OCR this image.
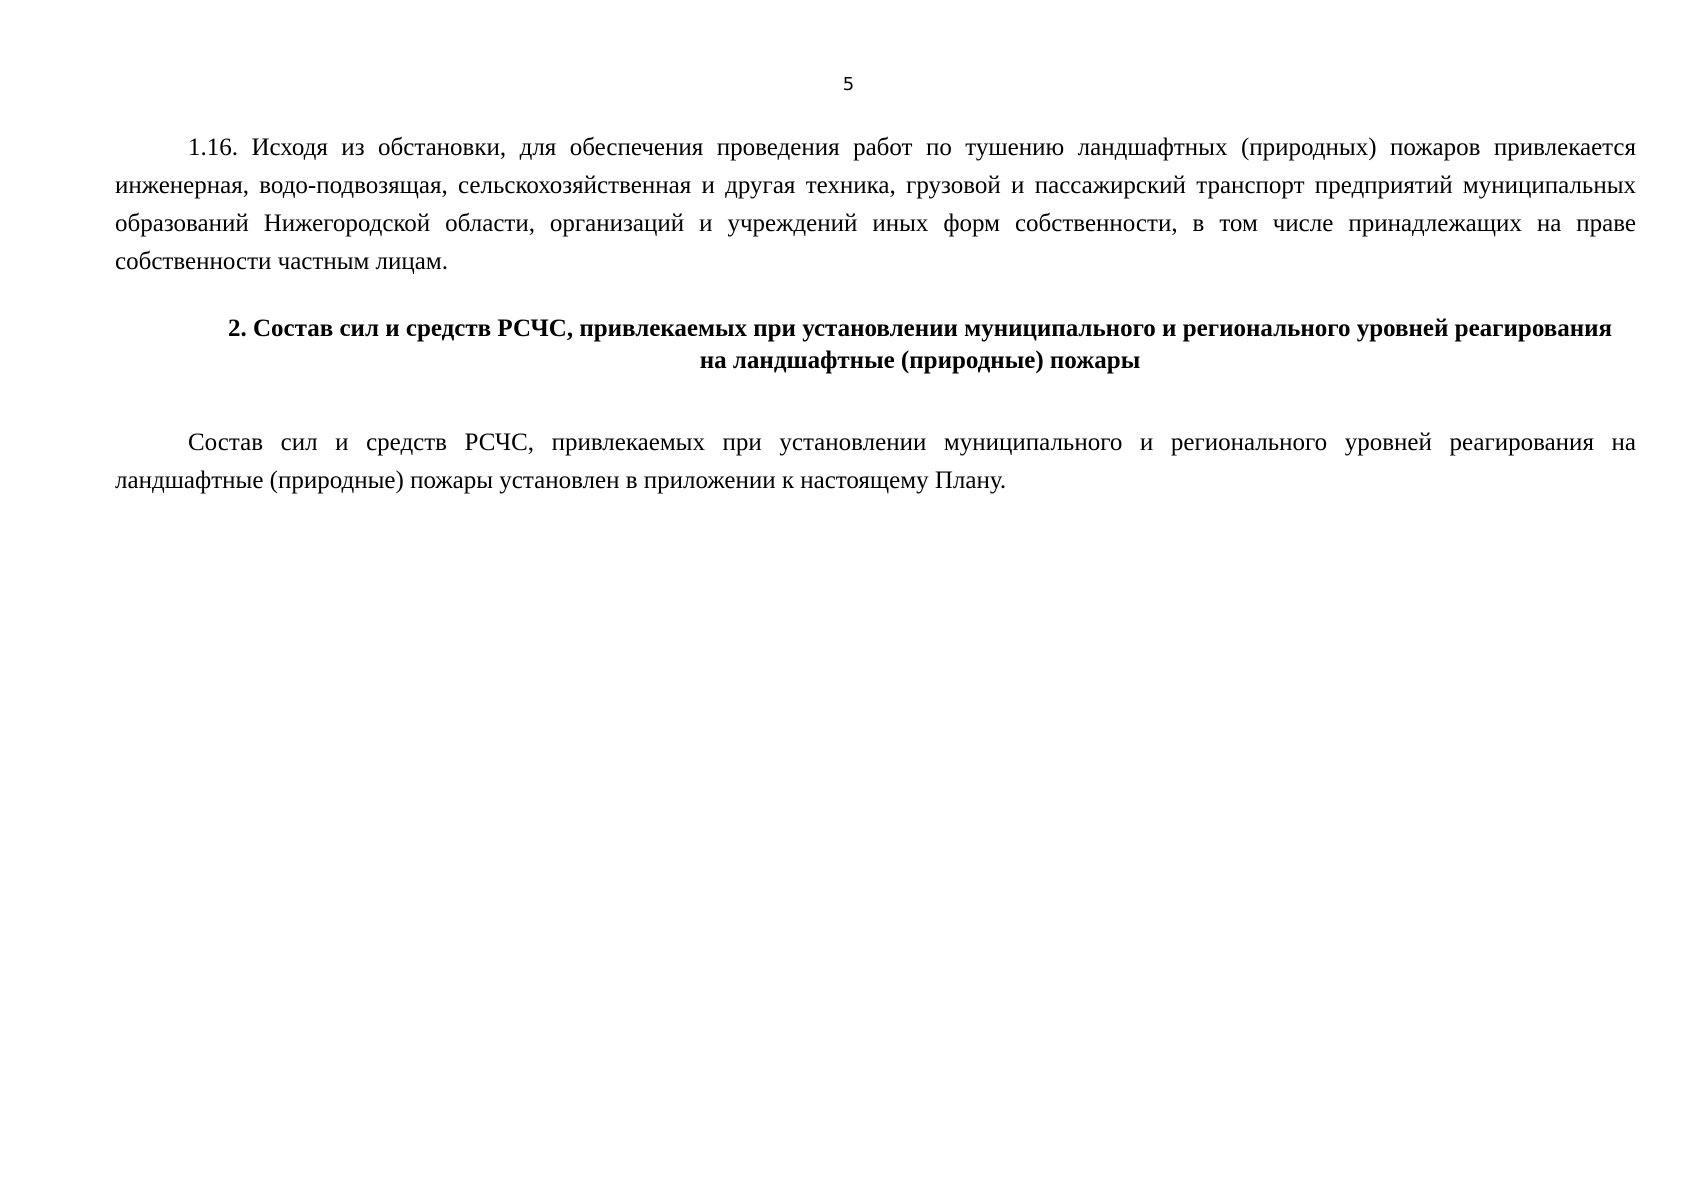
5

1.16. Исходя из обстановки, для обеспечения проведения работ по тушению ландшафтных (природных) пожаров привлекается инженерная, водо-подвозящая, сельскохозяйственная и другая техника, грузовой и пассажирский транспорт предприятий муниципальных образований Нижегородской области, организаций и учреждений иных форм собственности, в том числе принадлежащих на праве собственности частным лицам.

2. Состав сил и средств РСЧС, привлекаемых при установлении муниципального и регионального уровней реагирования на ландшафтные (природные) пожары

Состав сил и средств РСЧС, привлекаемых при установлении муниципального и регионального уровней реагирования на ландшафтные (природные) пожары установлен в приложении к настоящему Плану.
